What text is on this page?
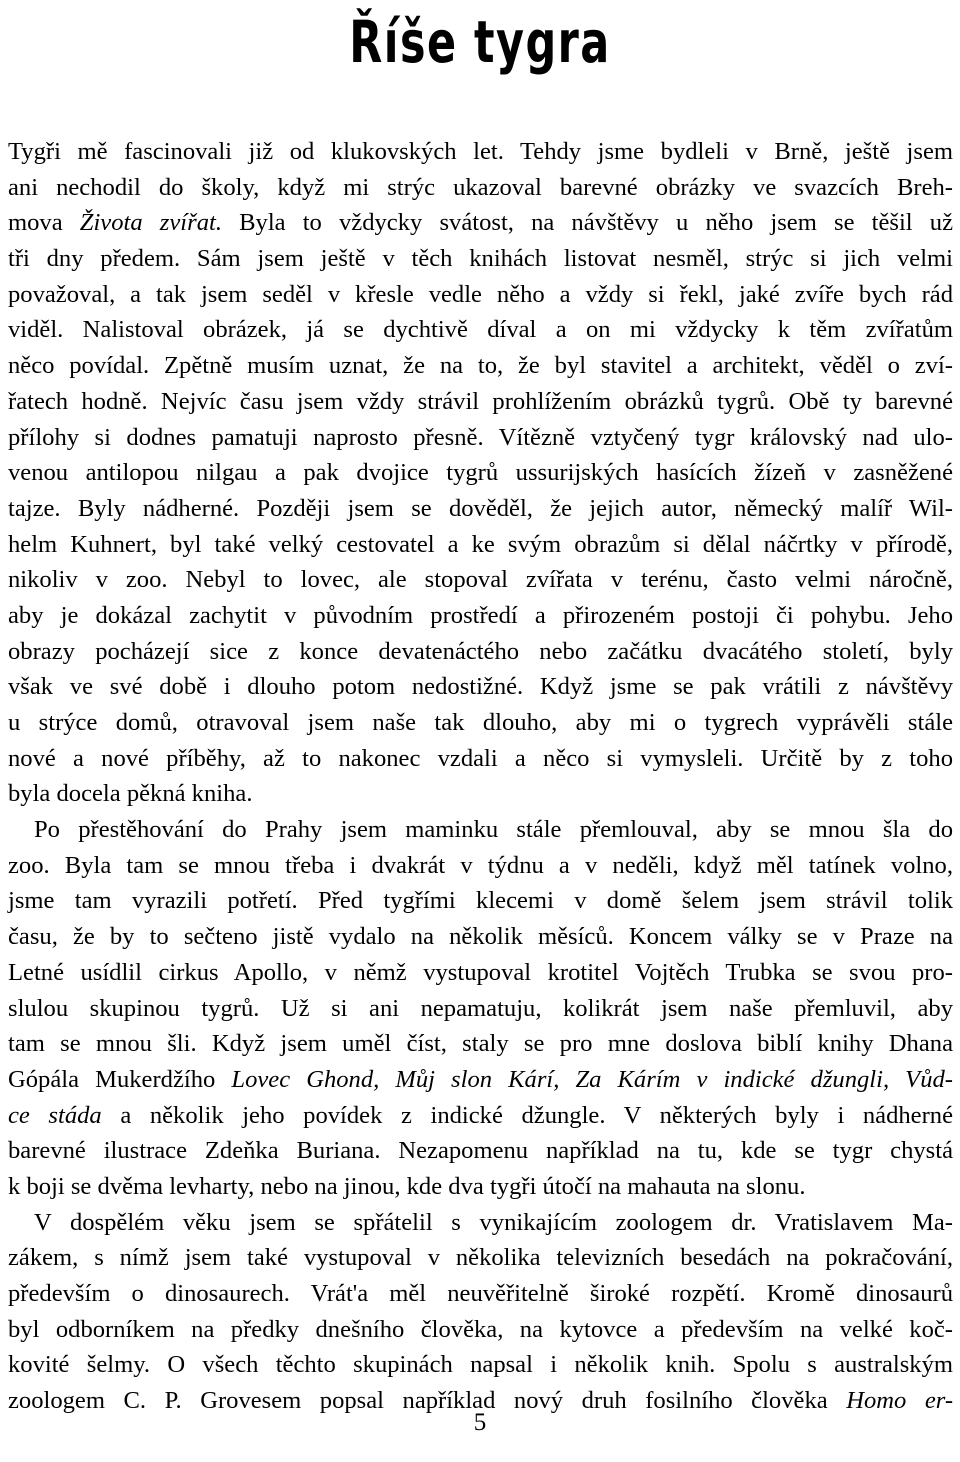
Říše tygra
Tygři mě fascinovali již od klukovských let. Tehdy jsme bydleli v Brně, ještě jsem
ani nechodil do školy, když mi strýc ukazoval barevné obrázky ve svazcích Breh-
mova Života zvířat. Byla to vždycky svátost, na návštěvy u něho jsem se těšil už
tři dny předem. Sám jsem ještě v těch knihách listovat nesměl, strýc si jich velmi
považoval, a tak jsem seděl v křesle vedle něho a vždy si řekl, jaké zvíře bych rád
viděl. Nalistoval obrázek, já se dychtivě díval a on mi vždycky k těm zvířatům
něco povídal. Zpětně musím uznat, že na to, že byl stavitel a architekt, věděl o zví-
řatech hodně. Nejvíc času jsem vždy strávil prohlížením obrázků tygrů. Obě ty barevné
přílohy si dodnes pamatuji naprosto přesně. Vítězně vztyčený tygr královský nad ulo-
venou antilopou nilgau a pak dvojice tygrů ussurijských hasících žízeň v zasněžené
tajze. Byly nádherné. Později jsem se dověděl, že jejich autor, německý malíř Wil-
helm Kuhnert, byl také velký cestovatel a ke svým obrazům si dělal náčrtky v přírodě,
nikoliv v zoo. Nebyl to lovec, ale stopoval zvířata v terénu, často velmi náročně,
aby je dokázal zachytit v původním prostředí a přirozeném postoji či pohybu. Jeho
obrazy pocházejí sice z konce devatenáctého nebo začátku dvacátého století, byly
však ve své době i dlouho potom nedostižné. Když jsme se pak vrátili z návštěvy
u strýce domů, otravoval jsem naše tak dlouho, aby mi o tygrech vyprávěli stále
nové a nové příběhy, až to nakonec vzdali a něco si vymysleli. Určitě by z toho
byla docela pěkná kniha.
Po přestěhování do Prahy jsem maminku stále přemlouval, aby se mnou šla do
zoo. Byla tam se mnou třeba i dvakrát v týdnu a v neděli, když měl tatínek volno,
jsme tam vyrazili potřetí. Před tygřími klecemi v domě šelem jsem strávil tolik
času, že by to sečteno jistě vydalo na několik měsíců. Koncem války se v Praze na
Letné usídlil cirkus Apollo, v němž vystupoval krotitel Vojtěch Trubka se svou pro-
slulou skupinou tygrů. Už si ani nepamatuju, kolikrát jsem naše přemluvil, aby
tam se mnou šli. Když jsem uměl číst, staly se pro mne doslova biblí knihy Dhana
Gópála Mukerdžího Lovec Ghond, Můj slon Kárí, Za Kárím v indické džungli, Vůd-
ce stáda a několik jeho povídek z indické džungle. V některých byly i nádherné
barevné ilustrace Zdeňka Buriana. Nezapomenu například na tu, kde se tygr chystá
k boji se dvěma levharty, nebo na jinou, kde dva tygři útočí na mahauta na slonu.
V dospělém věku jsem se spřátelil s vynikajícím zoologem dr. Vratislavem Ma-
zákem, s nímž jsem také vystupoval v několika televizních besedách na pokračování,
především o dinosaurech. Vrát'a měl neuvěřitelně široké rozpětí. Kromě dinosaurů
byl odborníkem na předky dnešního člověka, na kytovce a především na velké koč-
kovité šelmy. O všech těchto skupinách napsal i několik knih. Spolu s australským
zoologem C. P. Grovesem popsal například nový druh fosilního člověka Homo er-
5
